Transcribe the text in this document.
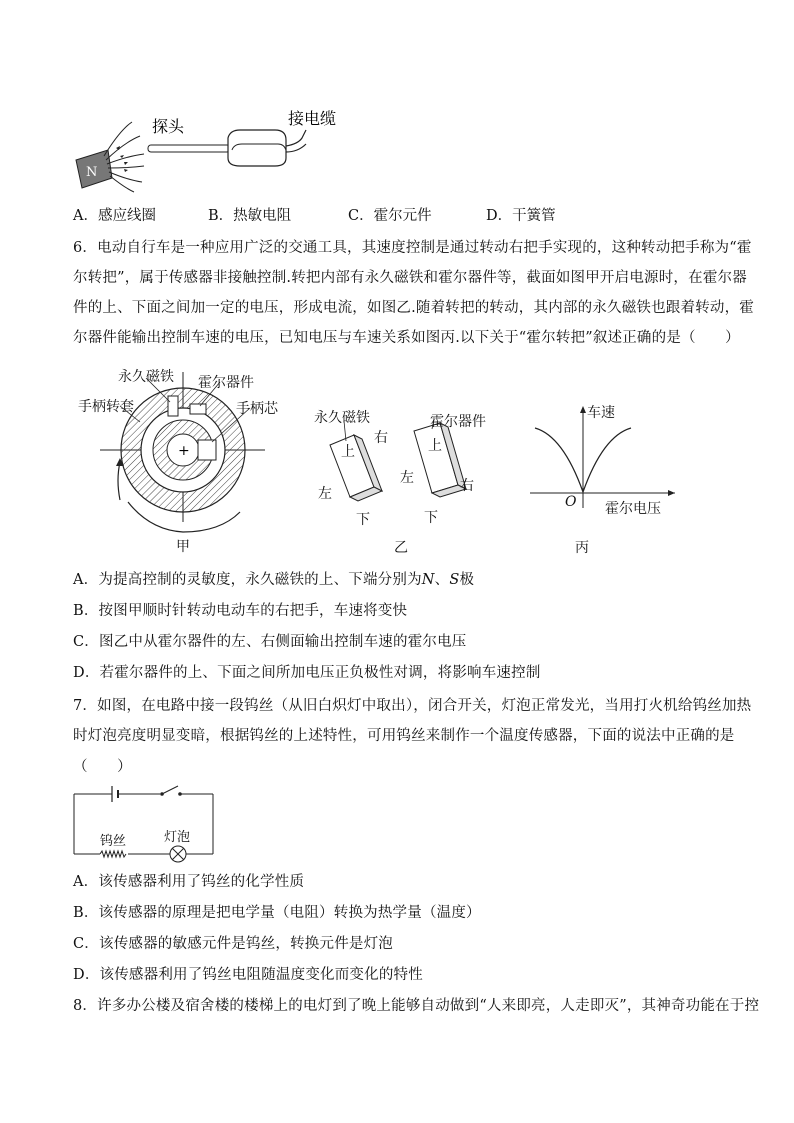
N
探头	接电缆
A．感应线圈	B．热敏电阻	C．霍尔元件	D．干簧管
6．电动自行车是一种应用广泛的交通工具，其速度控制是通过转动右把手实现的，这种转动把手称为“霍
尔转把”，属于传感器非接触控制.转把内部有永久磁铁和霍尔器件等，截面如图甲开启电源时，在霍尔器
件的上、下面之间加一定的电压，形成电流，如图乙.随着转把的转动，其内部的永久磁铁也跟着转动，霍
尔器件能输出控制车速的电压，已知电压与车速关系如图丙.以下关于“霍尔转把”叙述正确的是（　　）
+
永久磁铁 霍尔器件
手柄转套	手柄芯
甲
永久磁铁	霍尔器件
上
右
左
下
上
左	右
下
乙
车速
O 霍尔电压
丙
A．为提高控制的灵敏度，永久磁铁的上、下端分别为N、S极
B．按图甲顺时针转动电动车的右把手，车速将变快
C．图乙中从霍尔器件的左、右侧面输出控制车速的霍尔电压
D．若霍尔器件的上、下面之间所加电压正负极性对调，将影响车速控制
7．如图，在电路中接一段钨丝（从旧白炽灯中取出），闭合开关，灯泡正常发光，当用打火机给钨丝加热
时灯泡亮度明显变暗，根据钨丝的上述特性，可用钨丝来制作一个温度传感器，下面的说法中正确的是
（　　）
钨丝	灯泡
A．该传感器利用了钨丝的化学性质
B．该传感器的原理是把电学量（电阻）转换为热学量（温度）
C．该传感器的敏感元件是钨丝，转换元件是灯泡
D．该传感器利用了钨丝电阻随温度变化而变化的特性
8．许多办公楼及宿舍楼的楼梯上的电灯到了晚上能够自动做到“人来即亮，人走即灭”，其神奇功能在于控
